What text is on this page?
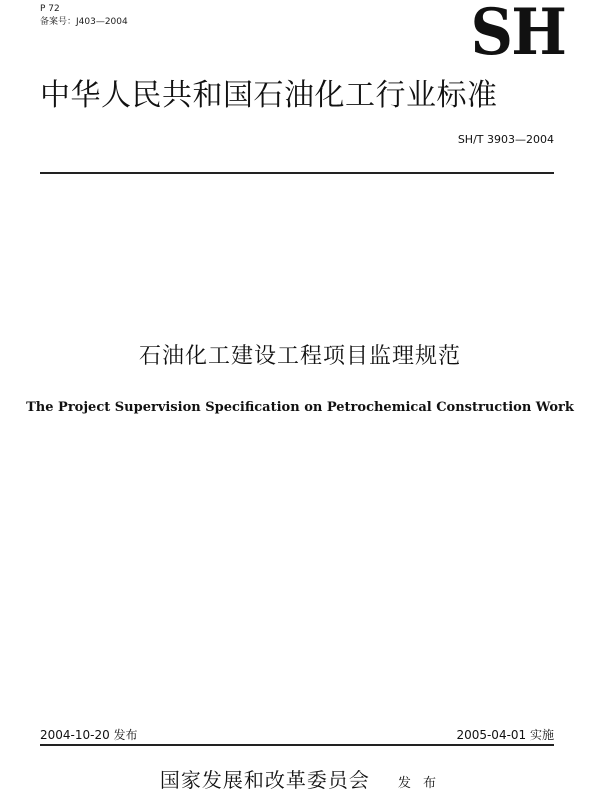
P 72
备案号：J403—2004	SH
中华人民共和国石油化工行业标准
SH/T 3903—2004
石油化工建设工程项目监理规范
The Project Supervision Specification on Petrochemical Construction Work
2004-10-20 发布	2005-04-01 实施
国家发展和改革委员会 发 布
